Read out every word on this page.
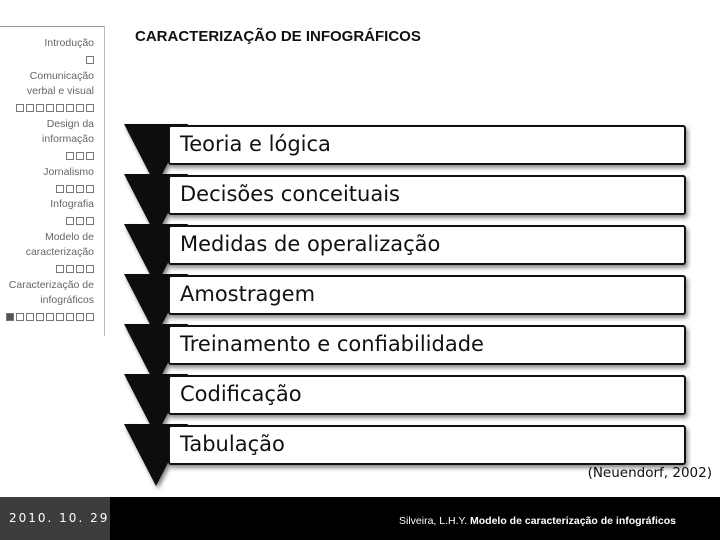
Introdução
Comunicação verbal e visual
Design da informação
Jornalismo
Infografia
Modelo de caracterização
Caracterização de infográficos
CARACTERIZAÇÃO DE INFOGRÁFICOS
Teoria e lógica
Decisões conceituais
Medidas de operalização
Amostragem
Treinamento e confiabilidade
Codificação
Tabulação
(Neuendorf, 2002)
2010. 10. 29	Silveira, L.H.Y. Modelo de caracterização de infográficos
